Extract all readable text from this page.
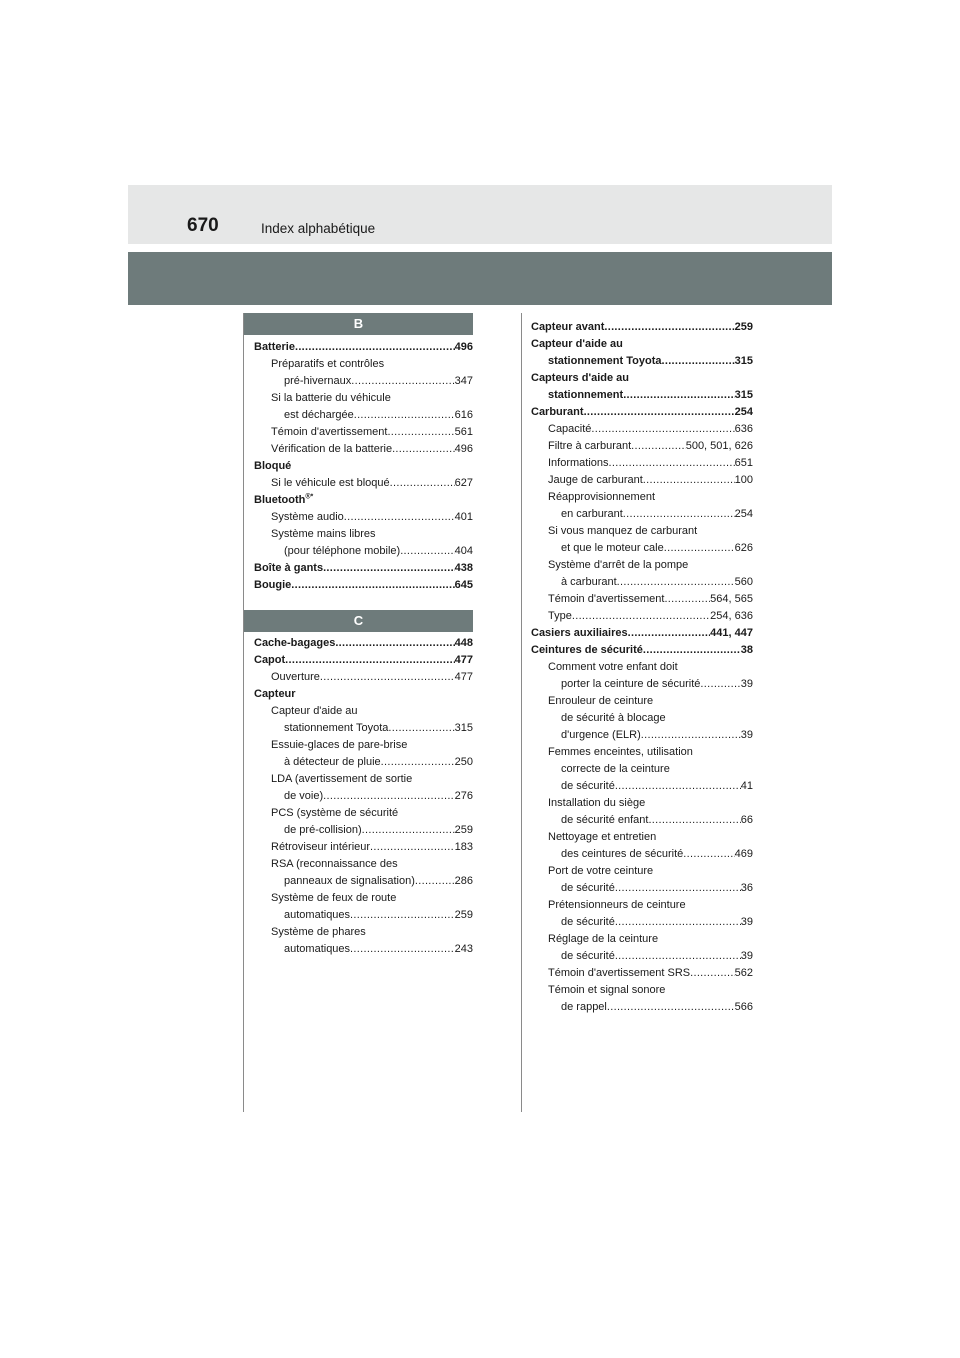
670	Index alphabétique
B
Batterie .....	496
Préparatifs et contrôles
pré-hivernaux .....	347
Si la batterie du véhicule
est déchargée .....	616
Témoin d'avertissement .....	561
Vérification de la batterie .....	496
Bloqué
Si le véhicule est bloqué .....	627
Bluetooth®*
Système audio .....	401
Système mains libres
(pour téléphone mobile) .....	404
Boîte à gants .....	438
Bougie .....	645
C
Cache-bagages .....	448
Capot .....	477
Ouverture .....	477
Capteur
Capteur d'aide au
stationnement Toyota .....	315
Essuie-glaces de pare-brise
à détecteur de pluie .....	250
LDA (avertissement de sortie
de voie) .....	276
PCS (système de sécurité
de pré-collision) .....	259
Rétroviseur intérieur .....	183
RSA (reconnaissance des
panneaux de signalisation) .....	286
Système de feux de route
automatiques .....	259
Système de phares
automatiques .....	243
Capteur avant .....	259
Capteur d'aide au
stationnement Toyota .....	315
Capteurs d'aide au
stationnement .....	315
Carburant .....	254
Capacité .....	636
Filtre à carburant .....	500, 501, 626
Informations .....	651
Jauge de carburant .....	100
Réapprovisionnement
en carburant .....	254
Si vous manquez de carburant
et que le moteur cale .....	626
Système d'arrêt de la pompe
à carburant .....	560
Témoin d'avertissement .....	564, 565
Type .....	254, 636
Casiers auxiliaires .....	441, 447
Ceintures de sécurité .....	38
Comment votre enfant doit
porter la ceinture de sécurité .....	39
Enrouleur de ceinture
de sécurité à blocage
d'urgence (ELR) .....	39
Femmes enceintes, utilisation
correcte de la ceinture
de sécurité .....	41
Installation du siège
de sécurité enfant .....	66
Nettoyage et entretien
des ceintures de sécurité .....	469
Port de votre ceinture
de sécurité .....	36
Prétensionneurs de ceinture
de sécurité .....	39
Réglage de la ceinture
de sécurité .....	39
Témoin d'avertissement SRS .....	562
Témoin et signal sonore
de rappel .....	566
